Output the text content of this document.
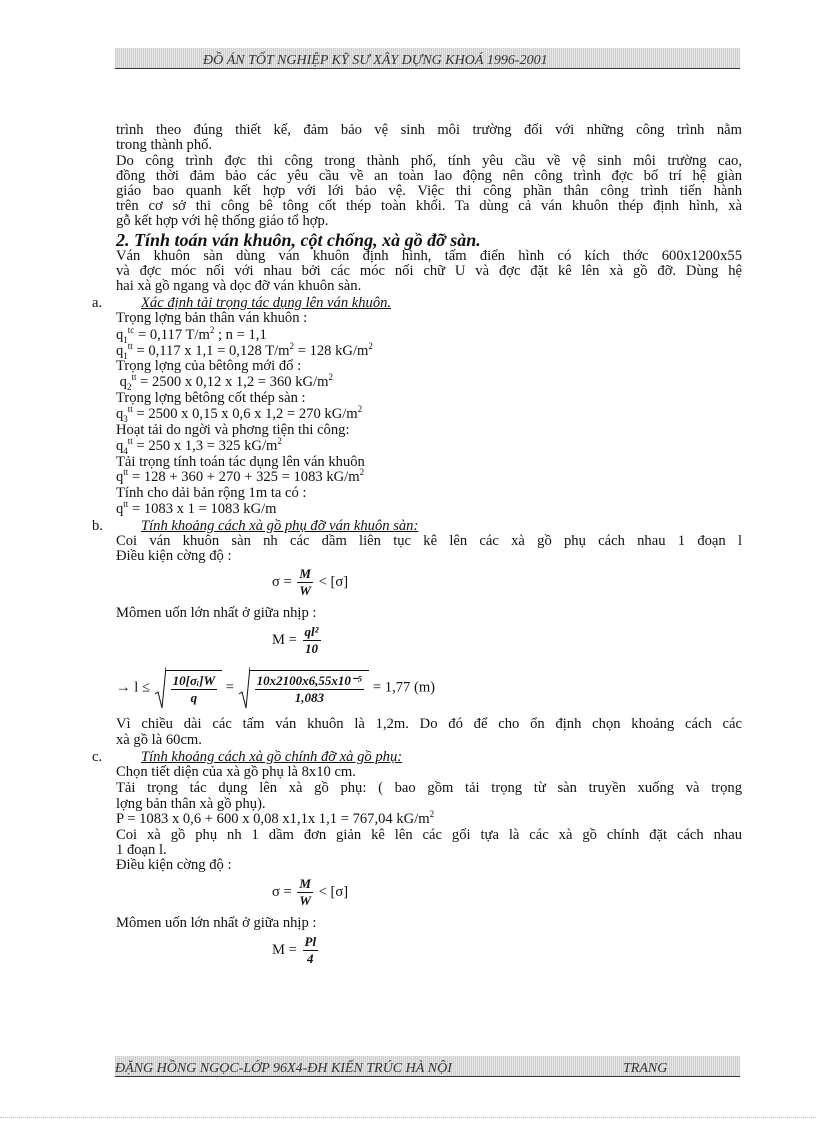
ĐỒ ÁN TỐT NGHIỆP KỸ SƯ XÂY DỰNG KHOÁ 1996-2001
trình theo đúng thiết kế, đảm bảo vệ sinh môi trường đối với những công trình nằm
trong thành phố.
Do công trình đợc thi công trong thành phố, tính yêu cầu về vệ sinh môi trường cao,
đồng thời đảm bảo các yêu cầu về an toàn lao động nên công trình đợc bố trí hệ giàn
giáo bao quanh kết hợp với lới bảo vệ. Việc thi công phần thân công trình tiến hành
trên cơ sở thi công bê tông cốt thép toàn khối. Ta dùng cả ván khuôn thép định hình, xà
gỗ kết hợp với hệ thống giáo tổ hợp.
2. Tính toán ván khuôn, cột chống, xà gồ đỡ sàn.
Ván khuôn sàn dùng ván khuôn định hình, tấm điển hình có kích thớc 600x1200x55
và đợc móc nối với nhau bởi các móc nối chữ U và đợc đặt kê lên xà gồ đỡ. Dùng hệ
hai xà gồ ngang và dọc đỡ ván khuôn sàn.
a.	Xác định tải trọng tác dụng lên ván khuôn.
Trọng lợng bản thân ván khuôn :
$q_1^{tc} = 0,117$ $T/m^2$ ; n = 1,1
$q_1^{tt} = 0,117$ x 1,1 = 0,128 $T/m^2 = 128$ $kG/m^2$
Trọng lợng của bêtông mới đổ :
$q_2^{tt} = 2500$ x 0,12 x 1,2 = 360 $kG/m^2$
Trọng lợng bêtông cốt thép sàn :
$q_3^{tt} = 2500$ x 0,15 x 0,6 x 1,2 = 270 $kG/m^2$
Hoạt tải do ngời và phơng tiện thi công:
$q_4^{tt} = 250$ x 1,3 = 325 $kG/m^2$
Tải trọng tính toán tác dụng lên ván khuôn
$q^{tt} = 128 + 360 + 270 + 325 = 1083$ $kG/m^2$
Tính cho dải bản rộng 1m ta có :
$q^{tt} = 1083$ x 1 = 1083 kG/m
b.	Tính khoảng cách xà gồ phụ đỡ ván khuôn sàn:
Coi ván khuôn sàn nh các dầm liên tục kê lên các xà gồ phụ cách nhau 1 đoạn l
Điều kiện cờng độ :
$\sigma = \frac{M}{W} < [\sigma]$
Mômen uốn lớn nhất ở giữa nhịp :
$M = \frac{\text{ql²}}{10}$
→ $l \le \frac{\text{10[σᵢ]W}}{q} = \frac{\text{10x2100x6,55x10⁻⁵}}{1,083} = 1,77$ (m)
Vì chiều dài các tấm ván khuôn là 1,2m. Do đó để cho ổn định chọn khoảng cách các
xà gồ là 60cm.
c.	Tính khoảng cách xà gồ chính đỡ xà gồ phụ:
Chọn tiết diện của xà gồ phụ là 8x10 cm.
Tải trọng tác dụng lên xà gồ phụ: ( bao gồm tải trọng từ sàn truyền xuống và trọng
lợng bản thân xà gồ phụ).
P = 1083 x 0,6 + 600 x 0,08 x1,1x 1,1 = 767,04 $kG/m^2$
Coi xà gồ phụ nh 1 dầm đơn giản kê lên các gối tựa là các xà gồ chính đặt cách nhau
1 đoạn l.
Điều kiện cờng độ :
$\sigma = \frac{M}{W} < [\sigma]$
Mômen uốn lớn nhất ở giữa nhịp :
$M = \frac{Pl}{4}$
ĐẶNG HỒNG NGỌC-LỚP 96X4-ĐH KIẾN TRÚC HÀ NỘI	TRANG
